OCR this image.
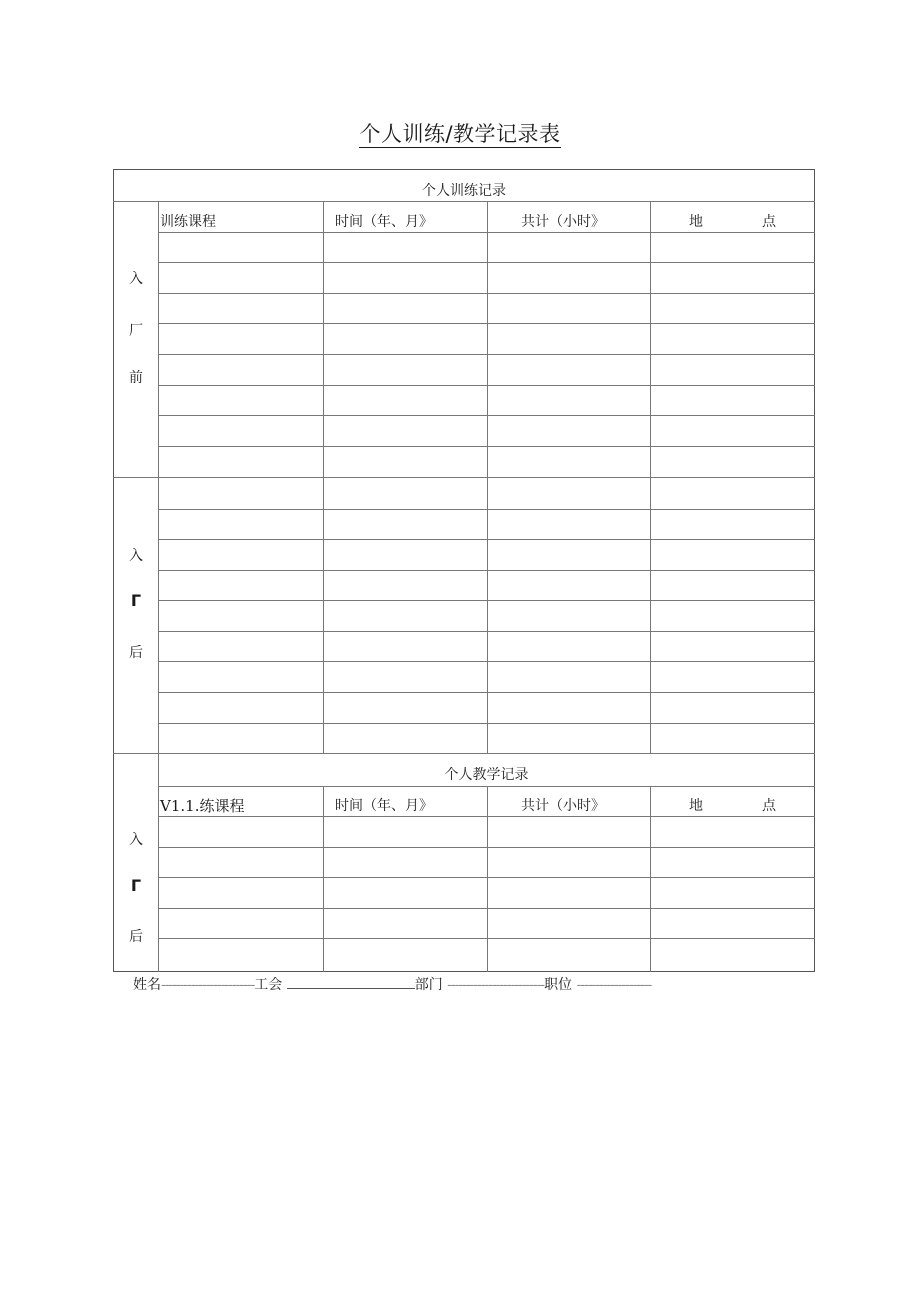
个人训练/教学记录表
个人训练记录
训练课程	时间（年、月》	共计（小时》	地	点
入
厂
前
入
Γ
后
个人教学记录
V1.1.练课程	时间（年、月》	共计（小时》	地	点
入
Γ
后
姓名-------------------------工会	部门 --------------------------职位 --------------------
